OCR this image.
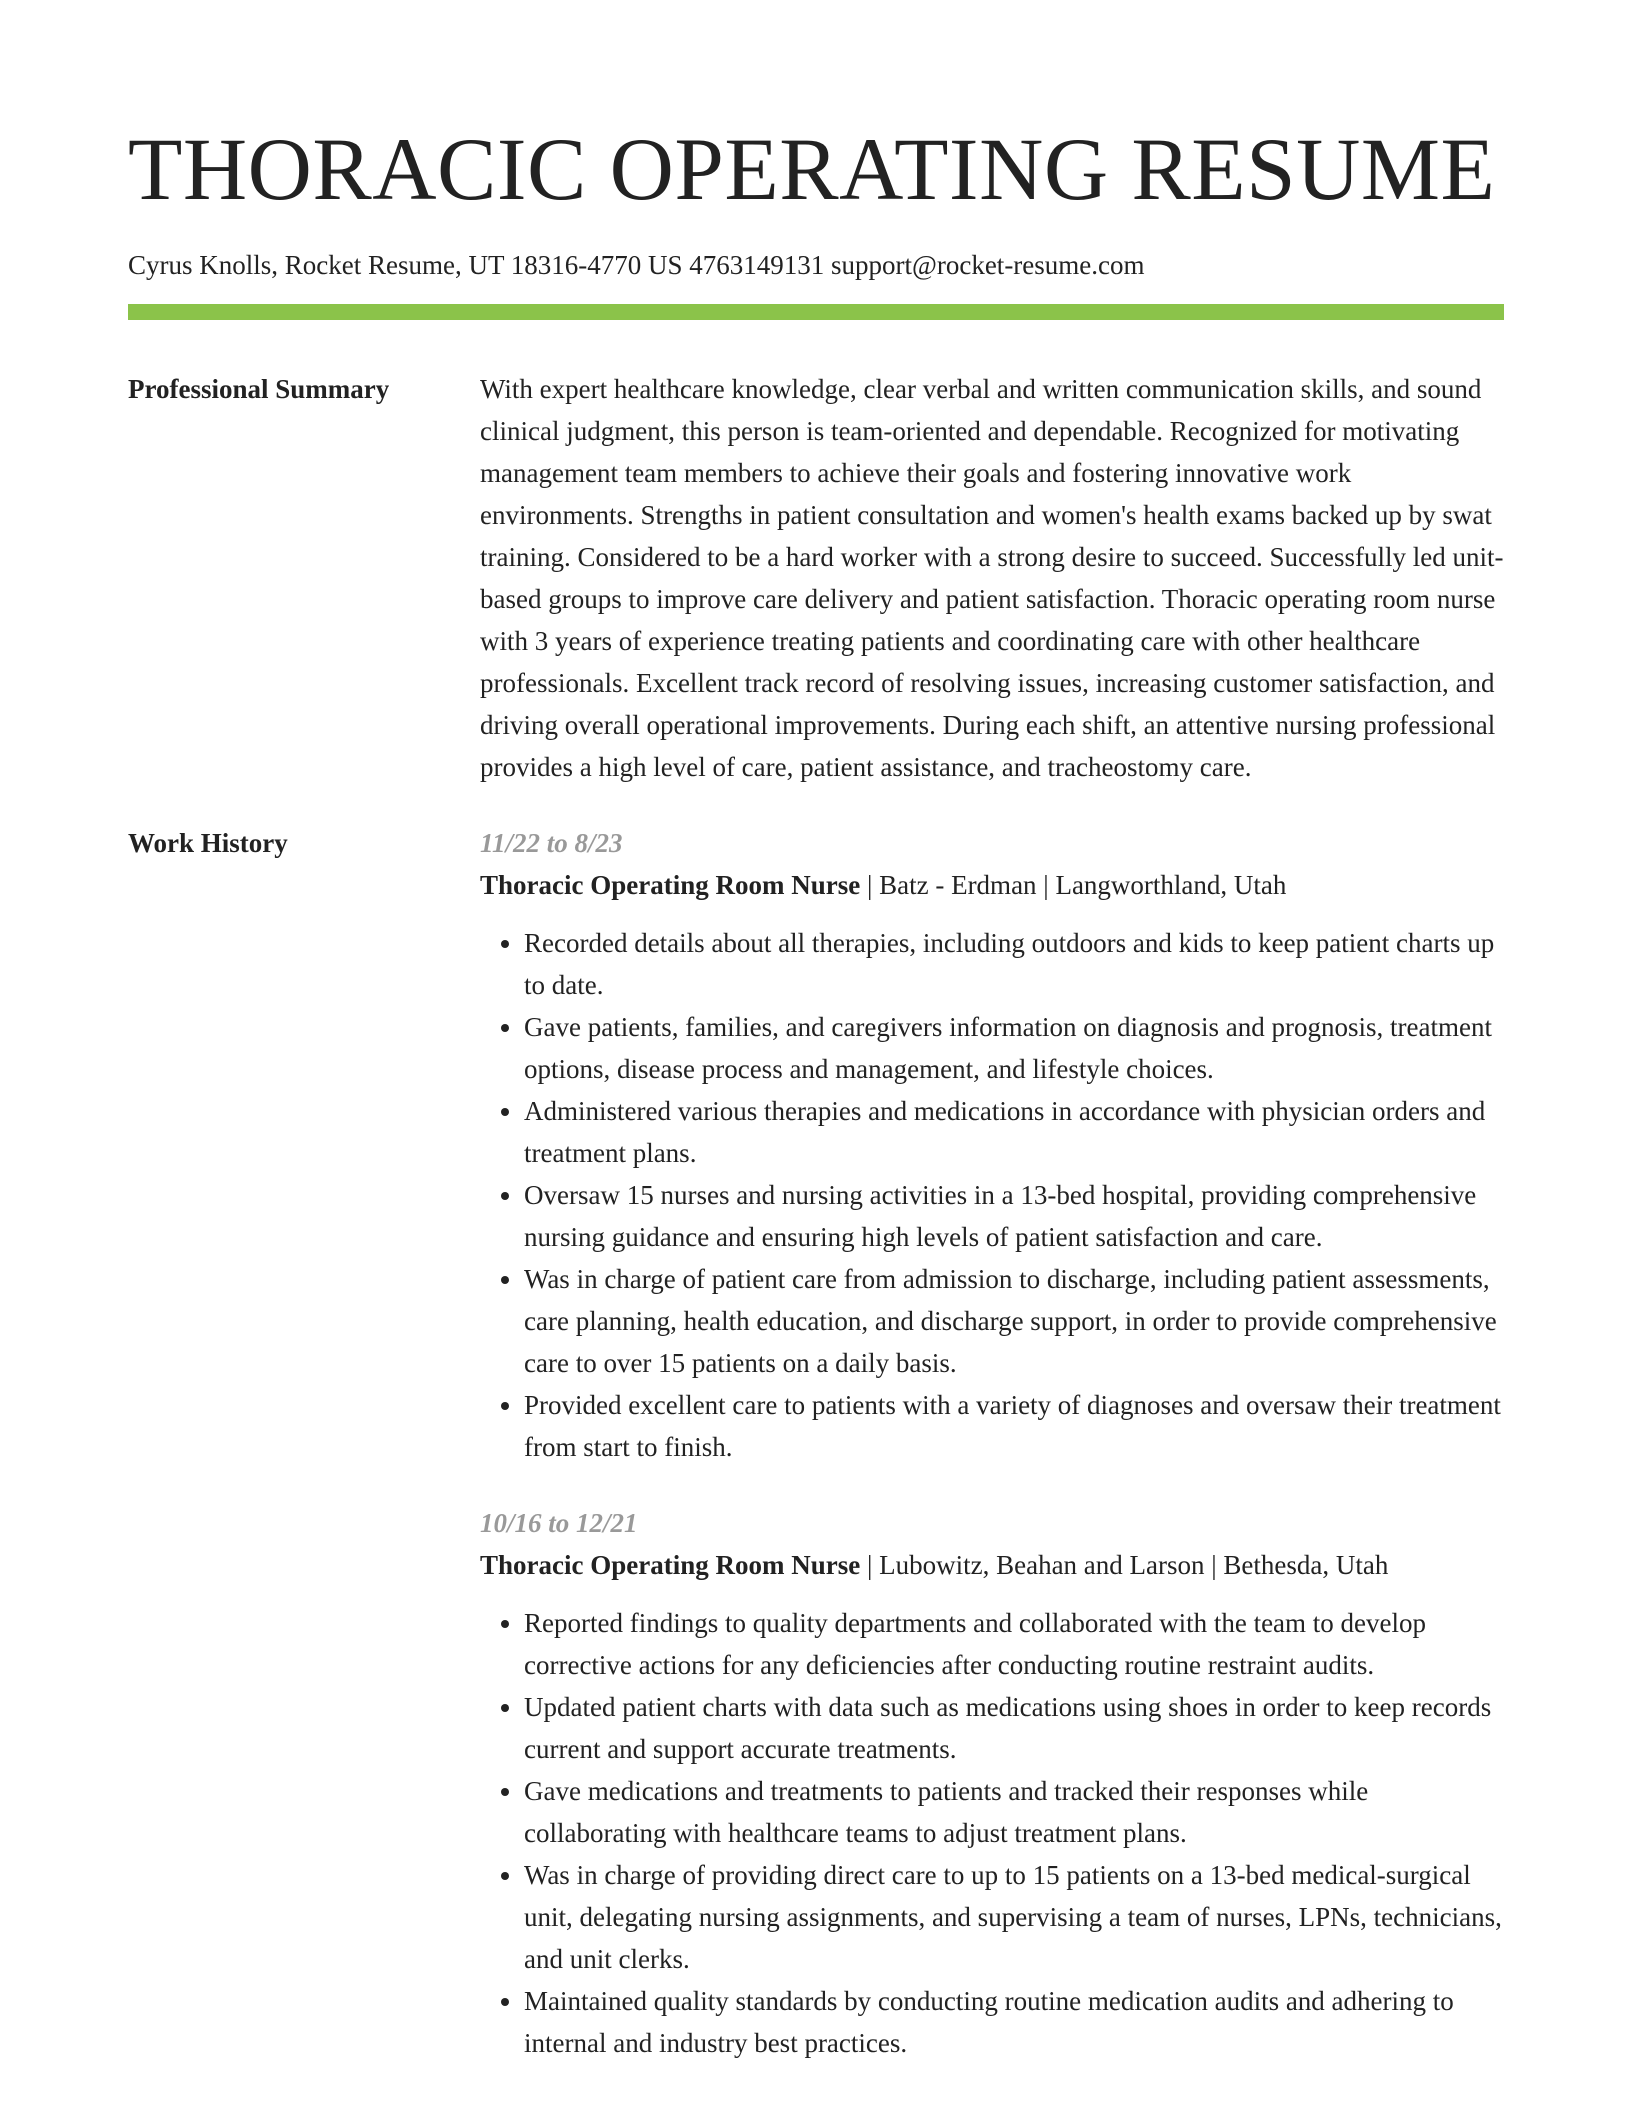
THORACIC OPERATING RESUME
Cyrus Knolls, Rocket Resume, UT 18316-4770 US 4763149131 support@rocket-resume.com
Professional Summary	With expert healthcare knowledge, clear verbal and written communication skills, and sound clinical judgment, this person is team-oriented and dependable. Recognized for motivating management team members to achieve their goals and fostering innovative work environments. Strengths in patient consultation and women's health exams backed up by swat training. Considered to be a hard worker with a strong desire to succeed. Successfully led unit-based groups to improve care delivery and patient satisfaction. Thoracic operating room nurse with 3 years of experience treating patients and coordinating care with other healthcare professionals. Excellent track record of resolving issues, increasing customer satisfaction, and driving overall operational improvements. During each shift, an attentive nursing professional provides a high level of care, patient assistance, and tracheostomy care.

Work History	11/22 to 8/23
Thoracic Operating Room Nurse | Batz - Erdman | Langworthland, Utah
• Recorded details about all therapies, including outdoors and kids to keep patient charts up to date.
• Gave patients, families, and caregivers information on diagnosis and prognosis, treatment options, disease process and management, and lifestyle choices.
• Administered various therapies and medications in accordance with physician orders and treatment plans.
• Oversaw 15 nurses and nursing activities in a 13-bed hospital, providing comprehensive nursing guidance and ensuring high levels of patient satisfaction and care.
• Was in charge of patient care from admission to discharge, including patient assessments, care planning, health education, and discharge support, in order to provide comprehensive care to over 15 patients on a daily basis.
• Provided excellent care to patients with a variety of diagnoses and oversaw their treatment from start to finish.
10/16 to 12/21
Thoracic Operating Room Nurse | Lubowitz, Beahan and Larson | Bethesda, Utah
• Reported findings to quality departments and collaborated with the team to develop corrective actions for any deficiencies after conducting routine restraint audits.
• Updated patient charts with data such as medications using shoes in order to keep records current and support accurate treatments.
• Gave medications and treatments to patients and tracked their responses while collaborating with healthcare teams to adjust treatment plans.
• Was in charge of providing direct care to up to 15 patients on a 13-bed medical-surgical unit, delegating nursing assignments, and supervising a team of nurses, LPNs, technicians, and unit clerks.
• Maintained quality standards by conducting routine medication audits and adhering to internal and industry best practices.
